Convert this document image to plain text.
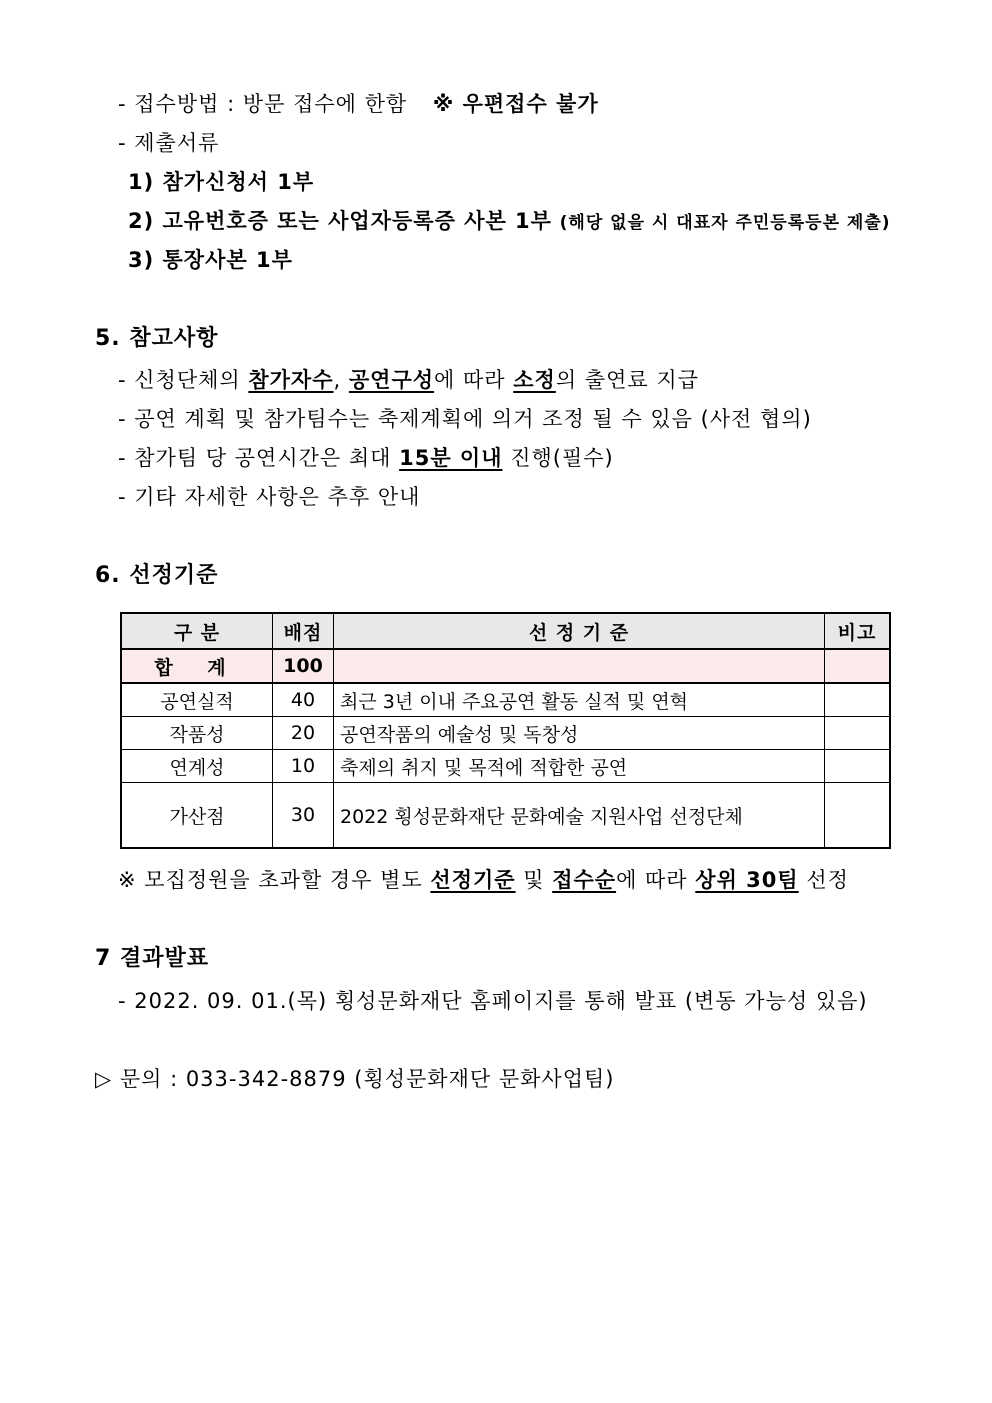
- 접수방법 : 방문 접수에 한함 ※ 우편접수 불가
- 제출서류
1) 참가신청서 1부
2) 고유번호증 또는 사업자등록증 사본 1부 (해당 없을 시 대표자 주민등록등본 제출)
3) 통장사본 1부
5. 참고사항
- 신청단체의 참가자수, 공연구성에 따라 소정의 출연료 지급
- 공연 계획 및 참가팀수는 축제계획에 의거 조정 될 수 있음 (사전 협의)
- 참가팀 당 공연시간은 최대 15분 이내 진행(필수)
- 기타 자세한 사항은 추후 안내
6. 선정기준
구 분	배점	선 정 기 준	비고
합 계	100		
공연실적	40	최근 3년 이내 주요공연 활동 실적 및 연혁	
작품성	20	공연작품의 예술성 및 독창성	
연계성	10	축제의 취지 및 목적에 적합한 공연	
가산점	30	2022 횡성문화재단 문화예술 지원사업 선정단체	
※ 모집정원을 초과할 경우 별도 선정기준 및 접수순에 따라 상위 30팀 선정
7 결과발표
- 2022. 09. 01.(목) 횡성문화재단 홈페이지를 통해 발표 (변동 가능성 있음)
▷ 문의 : 033-342-8879 (횡성문화재단 문화사업팀)
